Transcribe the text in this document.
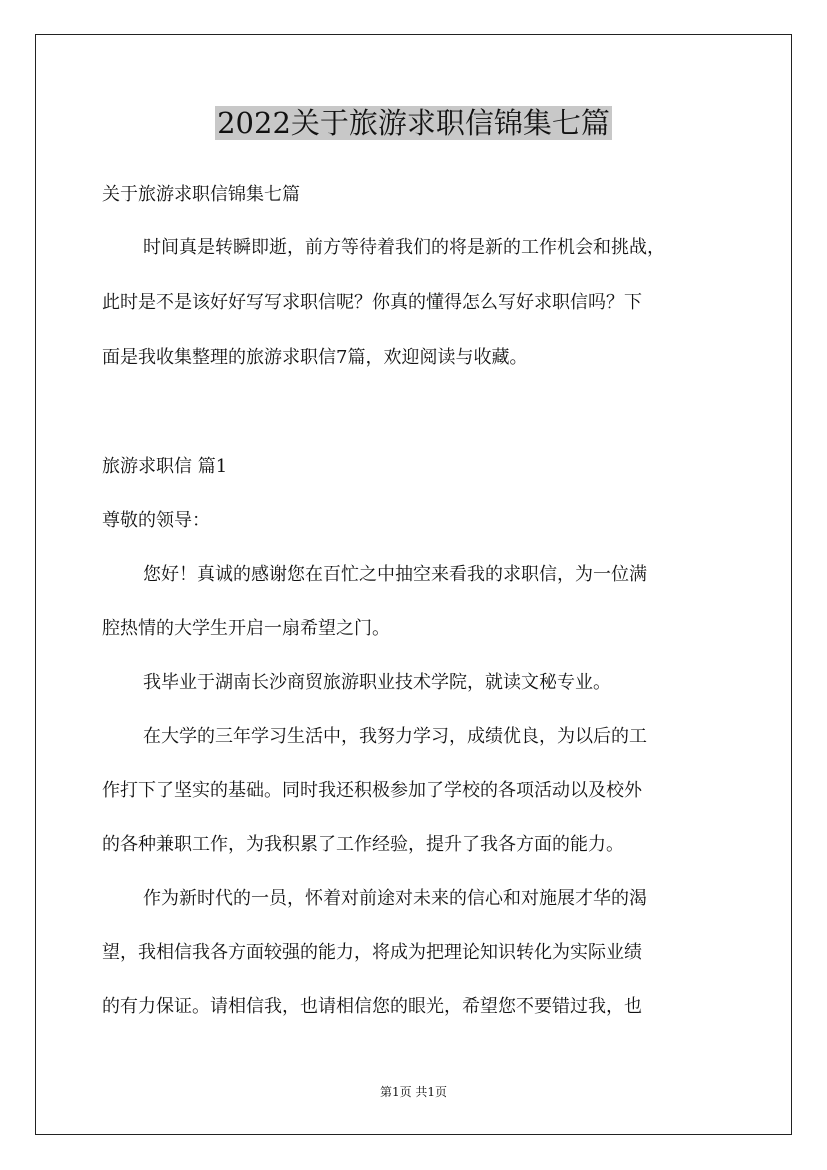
2022关于旅游求职信锦集七篇
关于旅游求职信锦集七篇
时间真是转瞬即逝，前方等待着我们的将是新的工作机会和挑战，
此时是不是该好好写写求职信呢？你真的懂得怎么写好求职信吗？下
面是我收集整理的旅游求职信7篇，欢迎阅读与收藏。
旅游求职信 篇1
尊敬的领导：
您好！真诚的感谢您在百忙之中抽空来看我的求职信，为一位满
腔热情的大学生开启一扇希望之门。
我毕业于湖南长沙商贸旅游职业技术学院，就读文秘专业。
在大学的三年学习生活中，我努力学习，成绩优良，为以后的工
作打下了坚实的基础。同时我还积极参加了学校的各项活动以及校外
的各种兼职工作，为我积累了工作经验，提升了我各方面的能力。
作为新时代的一员，怀着对前途对未来的信心和对施展才华的渴
望，我相信我各方面较强的能力，将成为把理论知识转化为实际业绩
的有力保证。请相信我，也请相信您的眼光，希望您不要错过我，也
第1页 共1页
